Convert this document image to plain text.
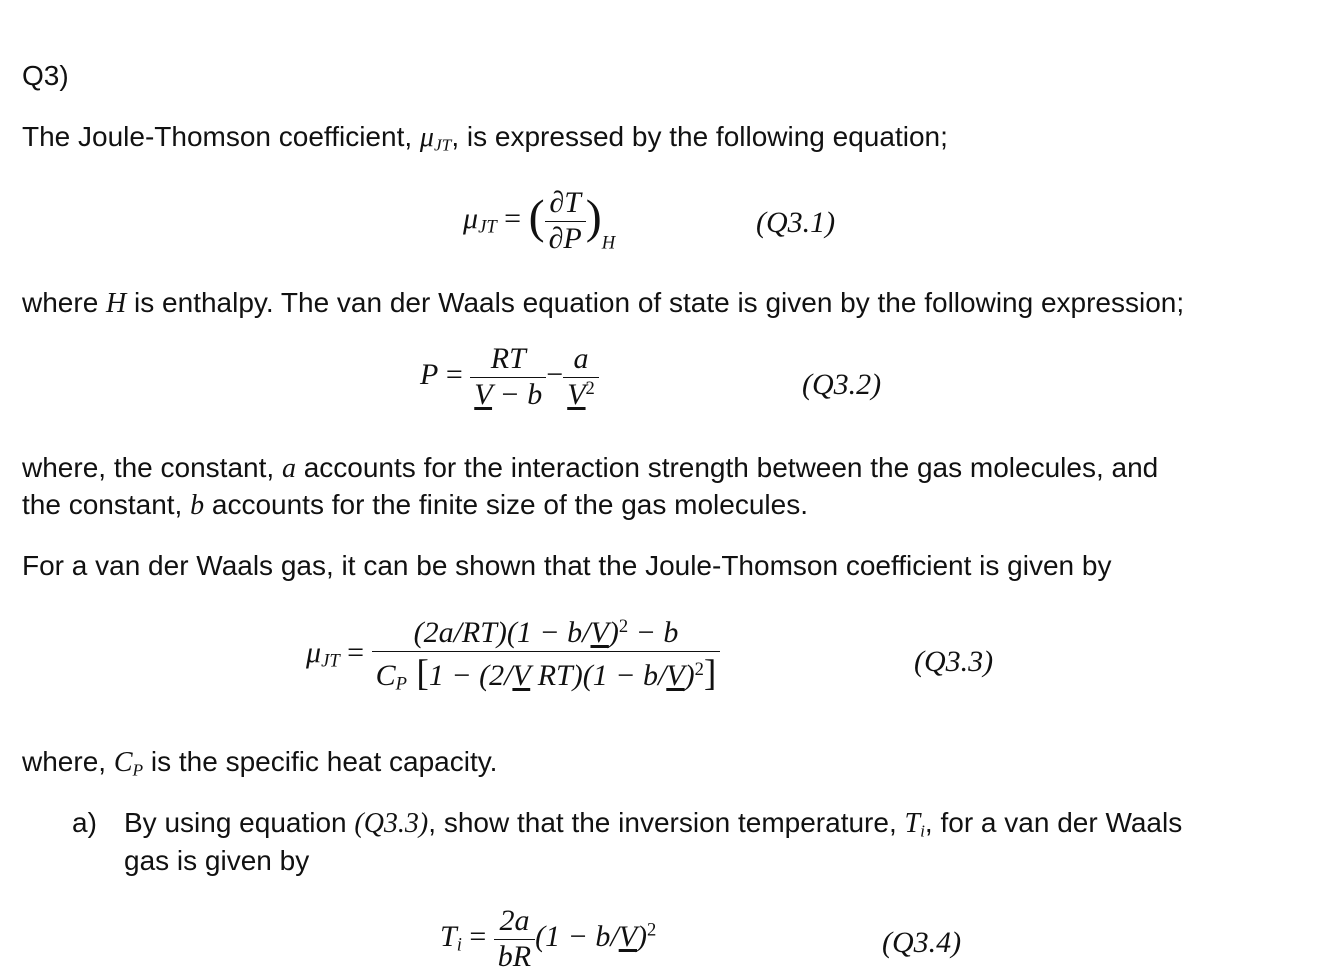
Q3)
The Joule-Thomson coefficient, $\mu_{JT}$, is expressed by the following equation;
$\mu_{JT}$ = ( $\frac{\partial T}{\partial P} )_H$
(Q3.1)
where H is enthalpy. The van der Waals equation of state is given by the following expression;
$P = \frac{RT}{V - b} - \frac{a}{V^2}$	(Q3.2)
where, the constant, a accounts for the interaction strength between the gas molecules, and
the constant, b accounts for the finite size of the gas molecules.
For a van der Waals gas, it can be shown that the Joule-Thomson coefficient is given by
$\mu_{JT} = \frac{(2a/RT)(1 - b/V)^2 - b}{C_P [1 - (2/V RT)(1 - b/V)^2]}$	(Q3.3)
where, $C_P$ is the specific heat capacity.
a) By using equation (Q3.3), show that the inversion temperature, $T_i$, for a van der Waals
gas is given by
$T_i = \frac{2a}{bR} (1 - b/V)^2$	(Q3.4)
